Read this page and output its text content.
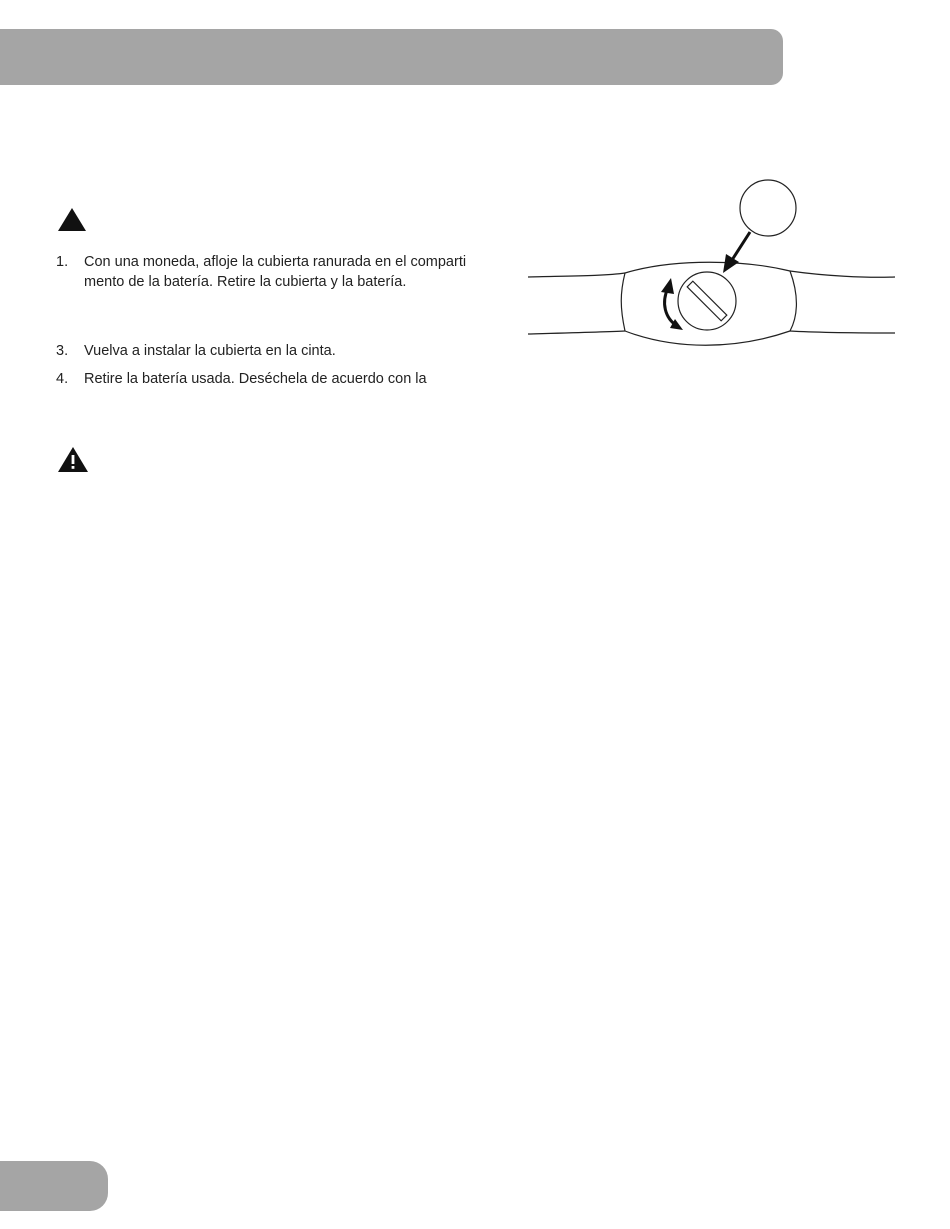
1. Con una moneda, afloje la cubierta ranurada en el comparti
mento de la batería. Retire la cubierta y la batería.
3. Vuelva a instalar la cubierta en la cinta.
4. Retire la batería usada. Deséchela de acuerdo con la
